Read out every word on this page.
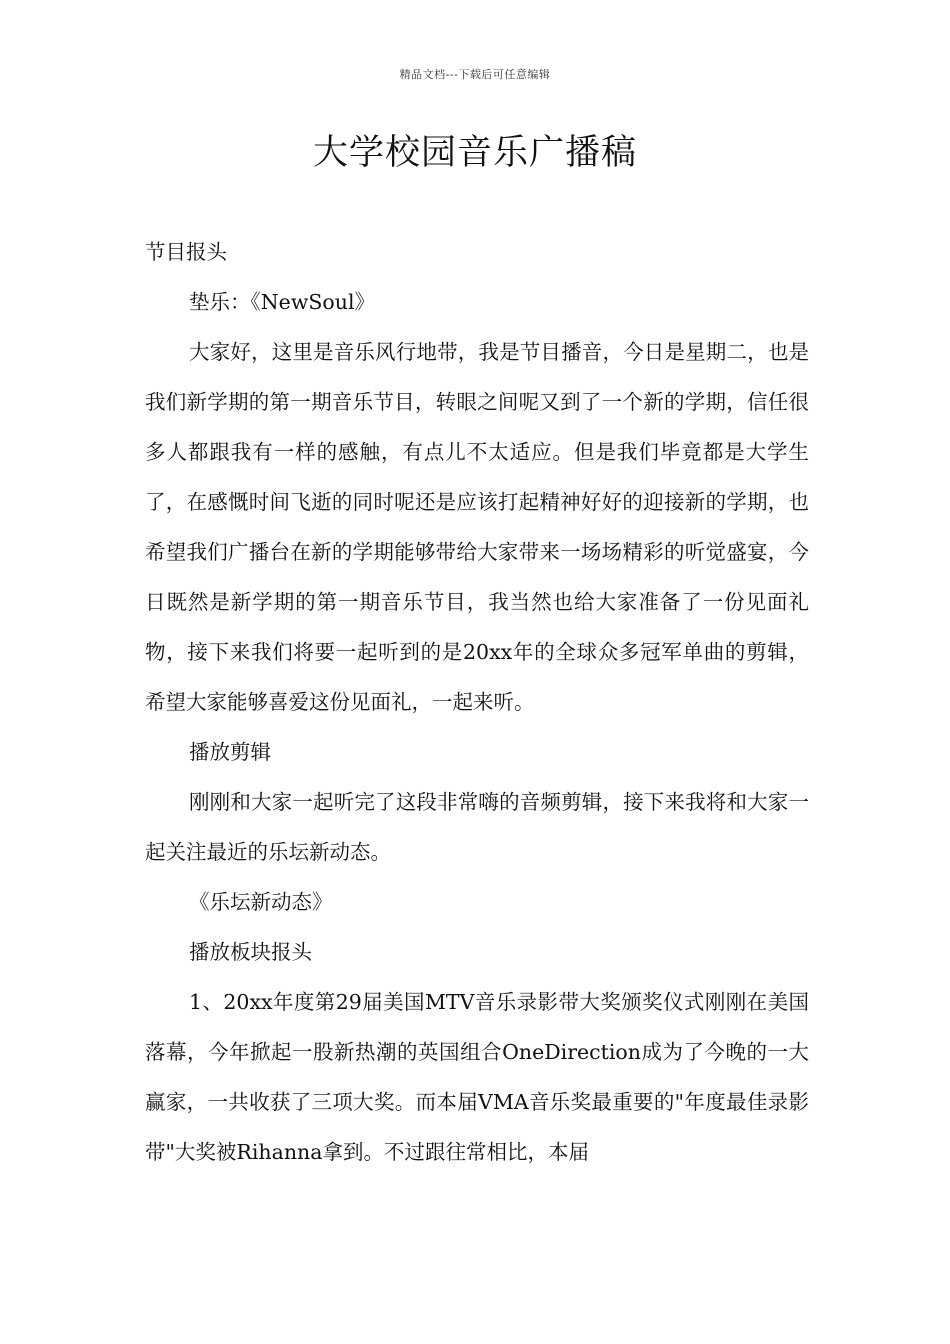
精品文档---下载后可任意编辑
大学校园音乐广播稿

节目报头

垫乐：《NewSoul》

大家好，这里是音乐风行地带，我是节目播音，今日是星期二，也是我们新学期的第一期音乐节目，转眼之间呢又到了一个新的学期，信任很多人都跟我有一样的感触，有点儿不太适应。但是我们毕竟都是大学生了，在感慨时间飞逝的同时呢还是应该打起精神好好的迎接新的学期，也希望我们广播台在新的学期能够带给大家带来一场场精彩的听觉盛宴，今日既然是新学期的第一期音乐节目，我当然也给大家准备了一份见面礼物，接下来我们将要一起听到的是20xx年的全球众多冠军单曲的剪辑，希望大家能够喜爱这份见面礼，一起来听。

播放剪辑

刚刚和大家一起听完了这段非常嗨的音频剪辑，接下来我将和大家一起关注最近的乐坛新动态。

《乐坛新动态》

播放板块报头

1、20xx年度第29届美国MTV音乐录影带大奖颁奖仪式刚刚在美国落幕，今年掀起一股新热潮的英国组合OneDirection成为了今晚的一大赢家，一共收获了三项大奖。而本届VMA音乐奖最重要的"年度最佳录影带"大奖被Rihanna拿到。不过跟往常相比，本届
